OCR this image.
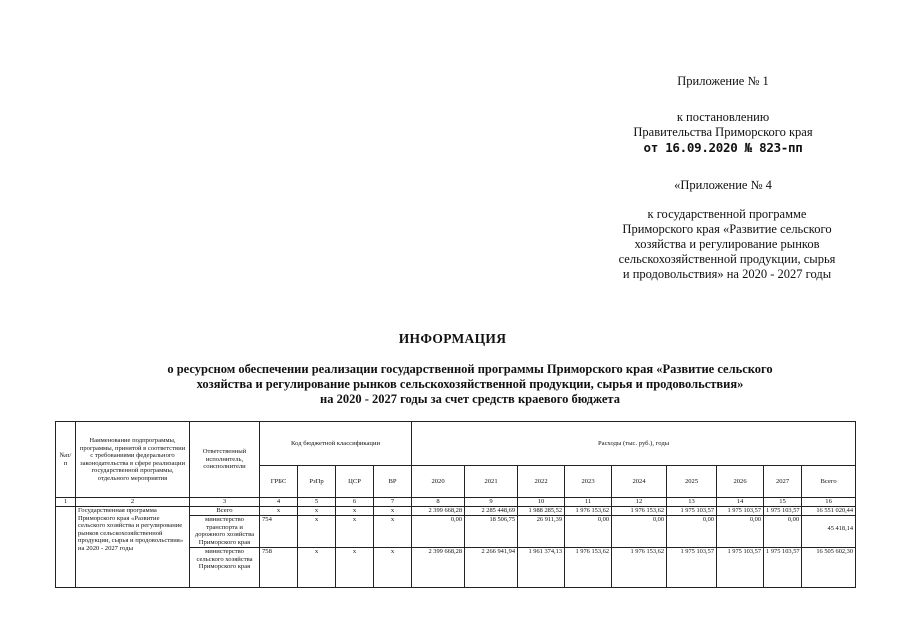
Приложение № 1
к постановлению
Правительства Приморского края
от 16.09.2020 № 823-пп
«Приложение № 4
к государственной программе
Приморского края «Развитие сельского
хозяйства и регулирование рынков
сельскохозяйственной продукции, сырья
и продовольствия» на 2020 - 2027 годы
ИНФОРМАЦИЯ
о ресурсном обеспечении реализации государственной программы Приморского края «Развитие сельского
хозяйства и регулирование рынков сельскохозяйственной продукции, сырья и продовольствия»
на 2020 - 2027 годы за счет средств краевого бюджета
№п/п	Наименование подпрограммы, программы, принятой в соответствии с требованиями федерального законодательства в сфере реализации государственной программы, отдельного мероприятия	Ответственный исполнитель, соисполнители	Код бюджетной классификации				Расходы (тыс. руб.), годы								
			ГРБС	РзПр	ЦСР	ВР	2020	2021	2022	2023	2024	2025	2026	2027	Всего
1	2	3	4	5	6	7	8	9	10	11	12	13	14	15	16
	Государственная программа Приморского края «Развитие сельского хозяйства и регулирование рынков сельскохозяйственной продукции, сырья и продовольствия» на 2020 - 2027 годы	Всего	х	х	х	х	2 399 668,28	2 285 448,69	1 988 285,52	1 976 153,62	1 976 153,62	1 975 103,57	1 975 103,57	1 975 103,57	16 551 020,44
		министерство транспорта и дорожного хозяйства Приморского края	754	х	х	х	0,00	18 506,75	26 911,39	0,00	0,00	0,00	0,00	0,00	45 418,14
		министерство сельского хозяйства Приморского края	758	х	х	х	2 399 668,28	2 266 941,94	1 961 374,13	1 976 153,62	1 976 153,62	1 975 103,57	1 975 103,57	1 975 103,57	16 505 602,30
